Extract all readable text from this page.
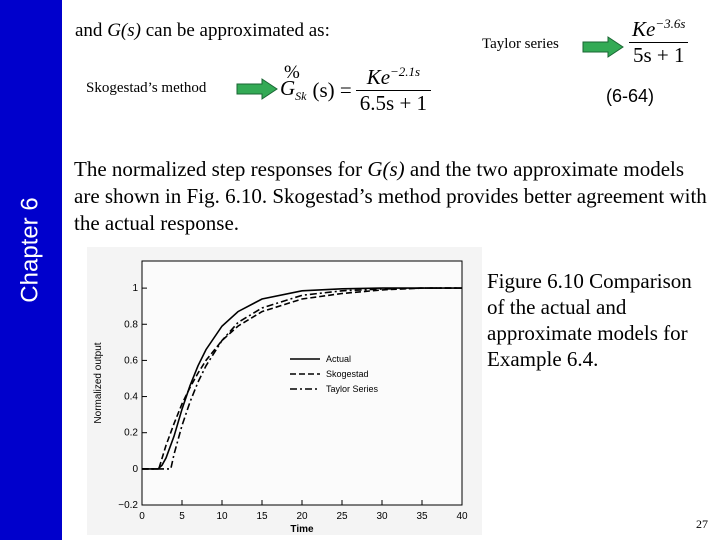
Chapter 6
and G(s) can be approximated as:
Taylor series	$\frac{Ke^{-3.6s}}{5s + 1}$
(6-64)
Skogestad’s method
%
$G_{Sk}$ $(s) = \frac{Ke^{-2.1s}}{6.5s + 1}$
The normalized step responses for G(s) and the two approximate models are shown in Fig. 6.10. Skogestad’s method provides better agreement with the actual response.
0	5	10	15	20	25	30	35	40
−0.2
0
0.2
0.4
0.6
0.8
1
Time
Normalized output	Actual
Skogestad
Taylor Series
Figure 6.10 Comparison of the actual and approximate models for Example 6.4.
27
